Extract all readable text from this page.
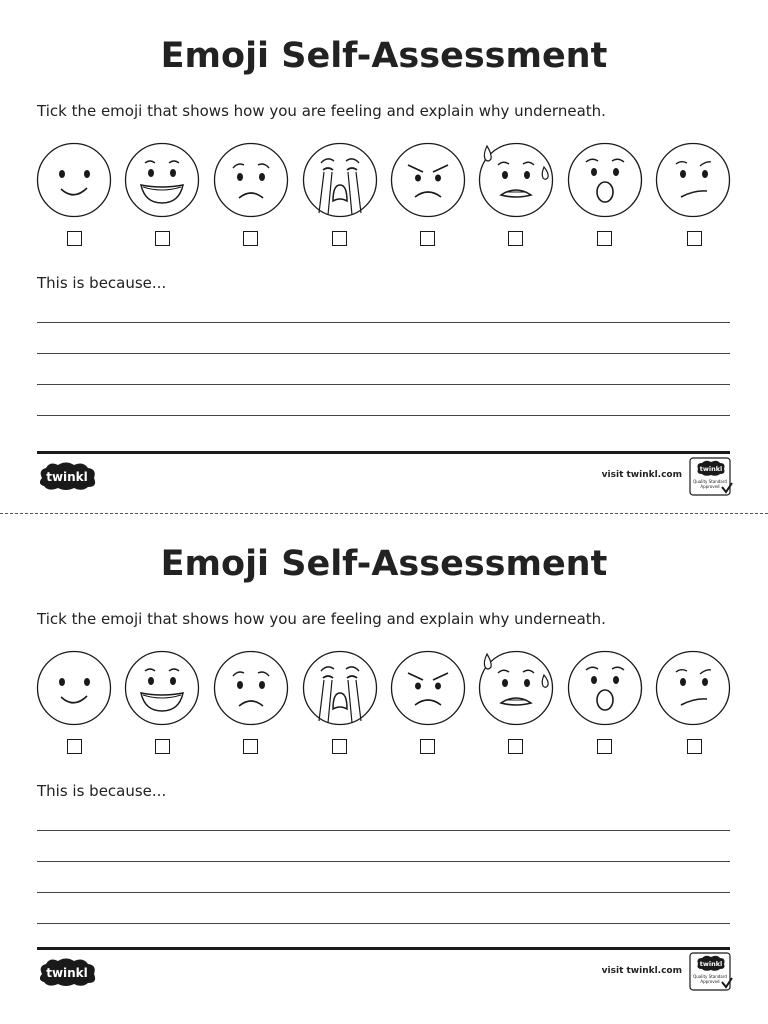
Emoji Self-Assessment
Tick the emoji that shows how you are feeling and explain why underneath.
This is because...
twinkl	visit twinkl.com
twinkl
Quality Standard
Approved
Emoji Self-Assessment
Tick the emoji that shows how you are feeling and explain why underneath.
This is because...
twinkl	visit twinkl.com
twinkl
Quality Standard
Approved
